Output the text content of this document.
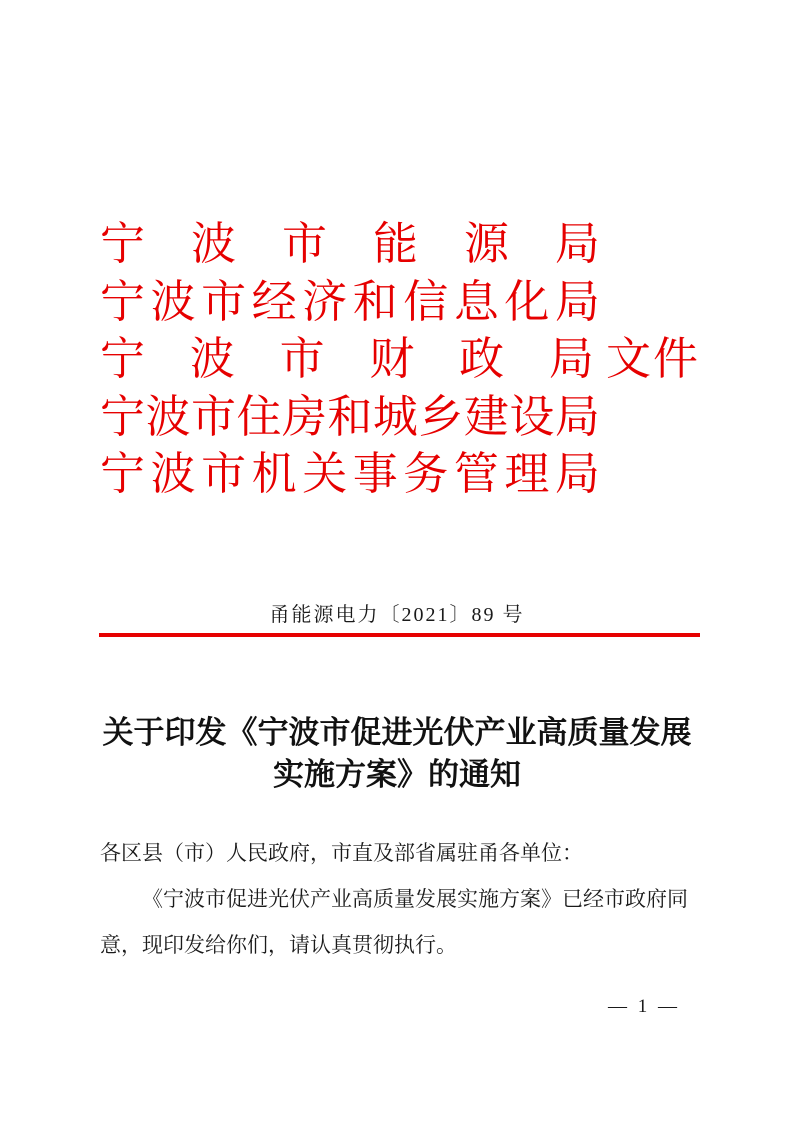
宁 波 市 能 源 局
宁 波 市 经 济 和 信 息 化 局
宁 波 市 财 政 局 文件
宁 波 市 住 房 和 城 乡 建 设 局
宁 波 市 机 关 事 务 管 理 局
甬能源电力〔2021〕89 号
关于印发《宁波市促进光伏产业高质量发展
实施方案》的通知
各区县（市）人民政府，市直及部省属驻甬各单位：
《宁波市促进光伏产业高质量发展实施方案》已经市政府同
意，现印发给你们，请认真贯彻执行。
— 1 —
